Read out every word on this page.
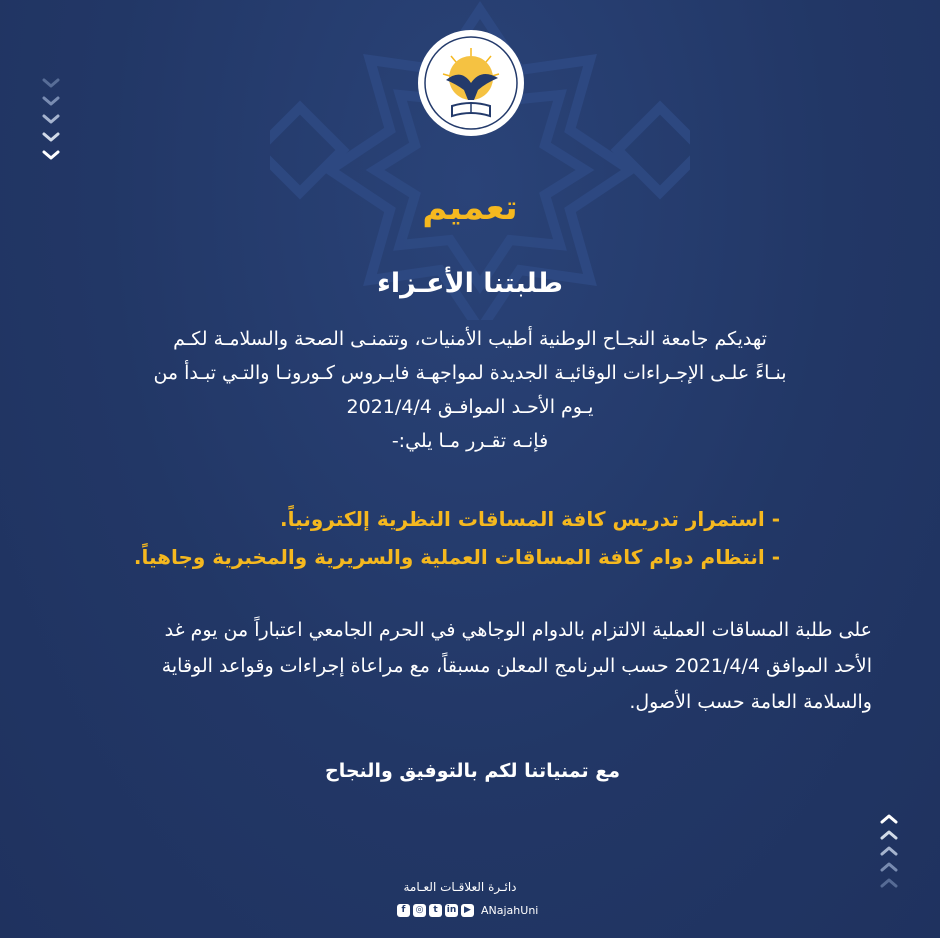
تعميم
طلبتنا الأعـزاء
تهديكم جامعة النجـاح الوطنية أطيب الأمنيات، وتتمنـى الصحة والسلامـة لكـم
بنـاءً علـى الإجـراءات الوقائيـة الجديدة لمواجهـة فايـروس كـورونـا والتـي تبـدأ من
يـوم الأحـد الموافـق 2021/4/4
فإنـه تقـرر مـا يلي:-
- استمرار تدريس كافة المساقات النظرية إلكترونياً.
- انتظام دوام كافة المساقات العملية والسريرية والمخبرية وجاهياً.
على طلبة المساقات العملية الالتزام بالدوام الوجاهي في الحرم الجامعي اعتباراً من يوم غد
الأحد الموافق 2021/4/4 حسب البرنامج المعلن مسبقاً، مع مراعاة إجراءات وقواعد الوقاية
والسلامة العامة حسب الأصول.
مع تمنياتنا لكم بالتوفيق والنجاح
دائـرة العلاقـات العـامة
f	◎	t	in ▶ ANajahUni
